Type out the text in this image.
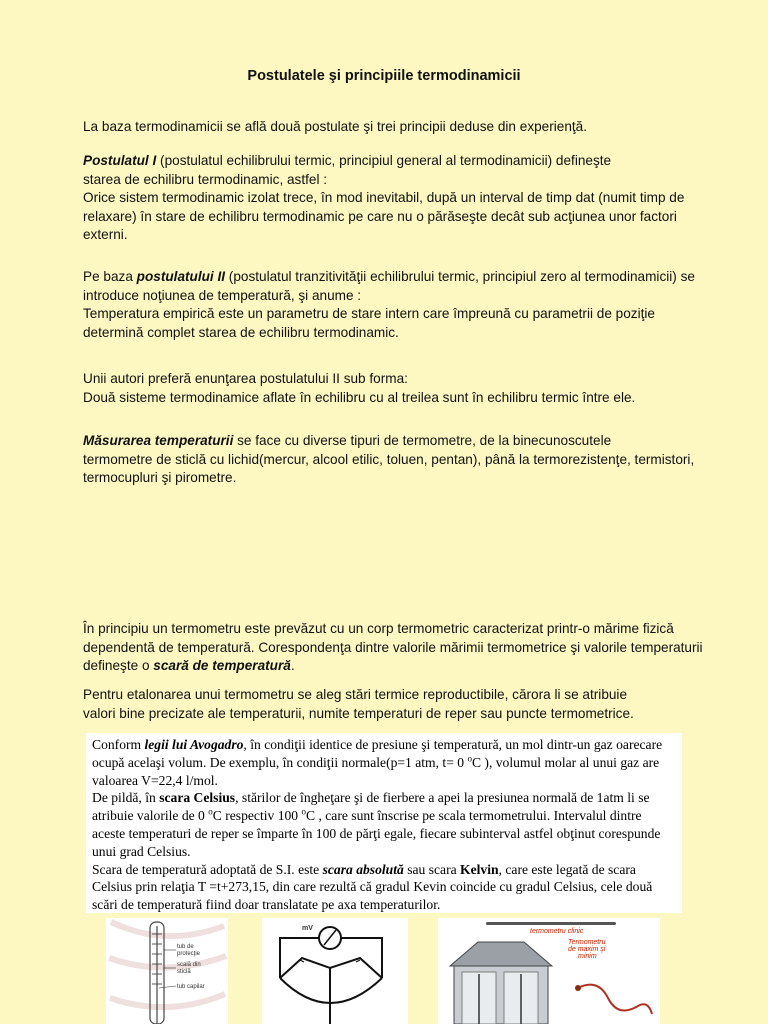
Postulatele şi principiile termodinamicii
La baza termodinamicii se află două postulate şi trei principii deduse din experienţă.
Postulatul I (postulatul echilibrului termic, principiul general al termodinamicii) defineşte
starea de echilibru termodinamic, astfel :
Orice sistem termodinamic izolat trece, în mod inevitabil, după un interval de timp dat (numit timp de relaxare) în stare de echilibru termodinamic pe care nu o părăseşte decât sub acţiunea unor factori externi.
Pe baza postulatului II (postulatul tranzitivităţii echilibrului termic, principiul zero al termodinamicii) se introduce noţiunea de temperatură, şi anume :
Temperatura empirică este un parametru de stare intern care împreună cu parametrii de poziţie determină complet starea de echilibru termodinamic.
Unii autori preferă enunţarea postulatului II sub forma:
Două sisteme termodinamice aflate în echilibru cu al treilea sunt în echilibru termic între ele.
Măsurarea temperaturii se face cu diverse tipuri de termometre, de la binecunoscutele
termometre de sticlă cu lichid(mercur, alcool etilic, toluen, pentan), până la termorezistenţe, termistori, termocupluri şi pirometre.
În principiu un termometru este prevăzut cu un corp termometric caracterizat printr-o mărime fizică dependentă de temperatură. Corespondenţa dintre valorile mărimii termometrice şi valorile temperaturii defineşte o scară de temperatură.
Pentru etalonarea unui termometru se aleg stări termice reproductibile, cărora li se atribuie
valori bine precizate ale temperaturii, numite temperaturi de reper sau puncte termometrice.
Conform legii lui Avogadro, în condiţii identice de presiune şi temperatură, un mol dintr-un gaz oarecare ocupă acelaşi volum. De exemplu, în condiţii normale(p=1 atm, t= 0 $^o$C ), volumul molar al unui gaz are valoarea V=22,4 l/mol.
De pildă, în scara Celsius, stărilor de îngheţare şi de fierbere a apei la presiunea normală de 1atm li se atribuie valorile de 0 $^o$C respectiv 100 $^o$C , care sunt înscrise pe scala termometrului. Intervalul dintre aceste temperaturi de reper se împarte în 100 de părţi egale, fiecare subinterval astfel obţinut corespunde unui grad Celsius.
Scara de temperatură adoptată de S.I. este scara absolută sau scara Kelvin, care este legată de scara Celsius prin relaţia T =t+273,15, din care rezultă că gradul Kevin coincide cu gradul Celsius, cele două scări de temperatură fiind doar translatate pe axa temperaturilor.
tub de
protecţie
scală din
sticlă
tub capilar
mV	termometru clinic
Termometru
de maxim şi
minim
